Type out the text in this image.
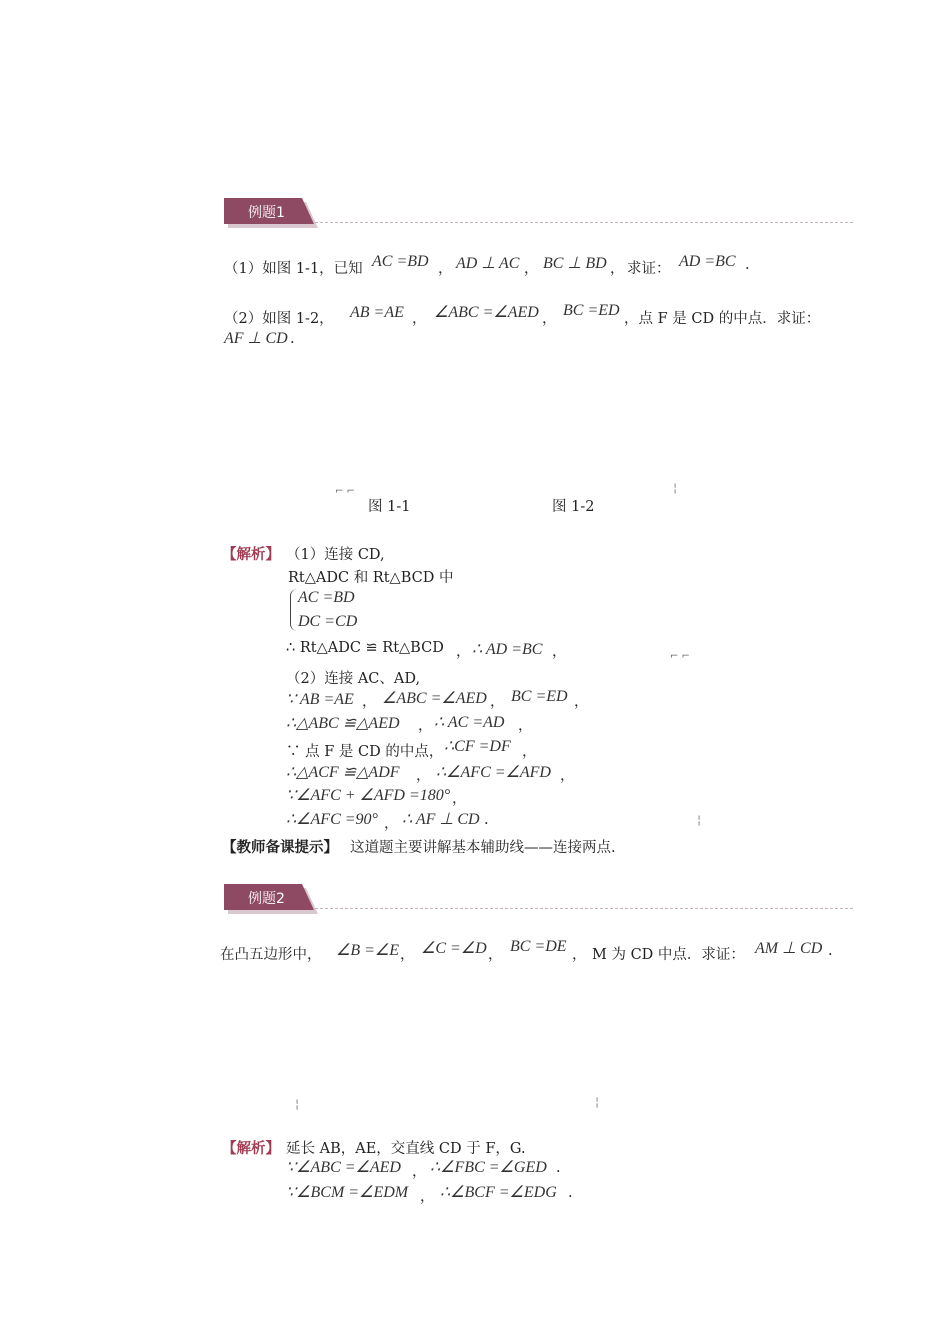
例题1
（1）如图 1-1，已知 AC =BD ， AD ⊥ AC ， BC ⊥ BD ， 求证： AD =BC .
（2）如图 1-2， AB =AE ， ∠ABC =∠AED ， BC =ED ，点 F 是 CD 的中点．求证：
AF ⊥ CD .
⌐ ⌐
图 1-1	图 1-2
╎
【解析】 （1）连接 CD,
Rt△ADC 和 Rt△BCD 中
AC =BD
DC =CD
∴ Rt△ADC ≌ Rt△BCD ， ∴ AD =BC ，	⌐ ⌐
（2）连接 AC、AD,
∵ AB =AE ， ∠ABC =∠AED ， BC =ED ，
∴△ABC ≌△AED ， ∴ AC =AD ，
∵ 点 F 是 CD 的中点， ∴CF =DF ，
∴△ACF ≌△ADF ， ∴∠AFC =∠AFD ，
∵∠AFC + ∠AFD =180° ，
∴∠AFC =90° ， ∴ AF ⊥ CD .	╎
【教师备课提示】 这道题主要讲解基本辅助线——连接两点.
例题2
在凸五边形中， ∠B =∠E ， ∠C =∠D ， BC =DE ， M 为 CD 中点．求证： AM ⊥ CD .
╎	╎
【解析】 延长 AB，AE，交直线 CD 于 F，G.
∵∠ABC =∠AED ， ∴∠FBC =∠GED .
∵∠BCM =∠EDM ， ∴∠BCF =∠EDG .
